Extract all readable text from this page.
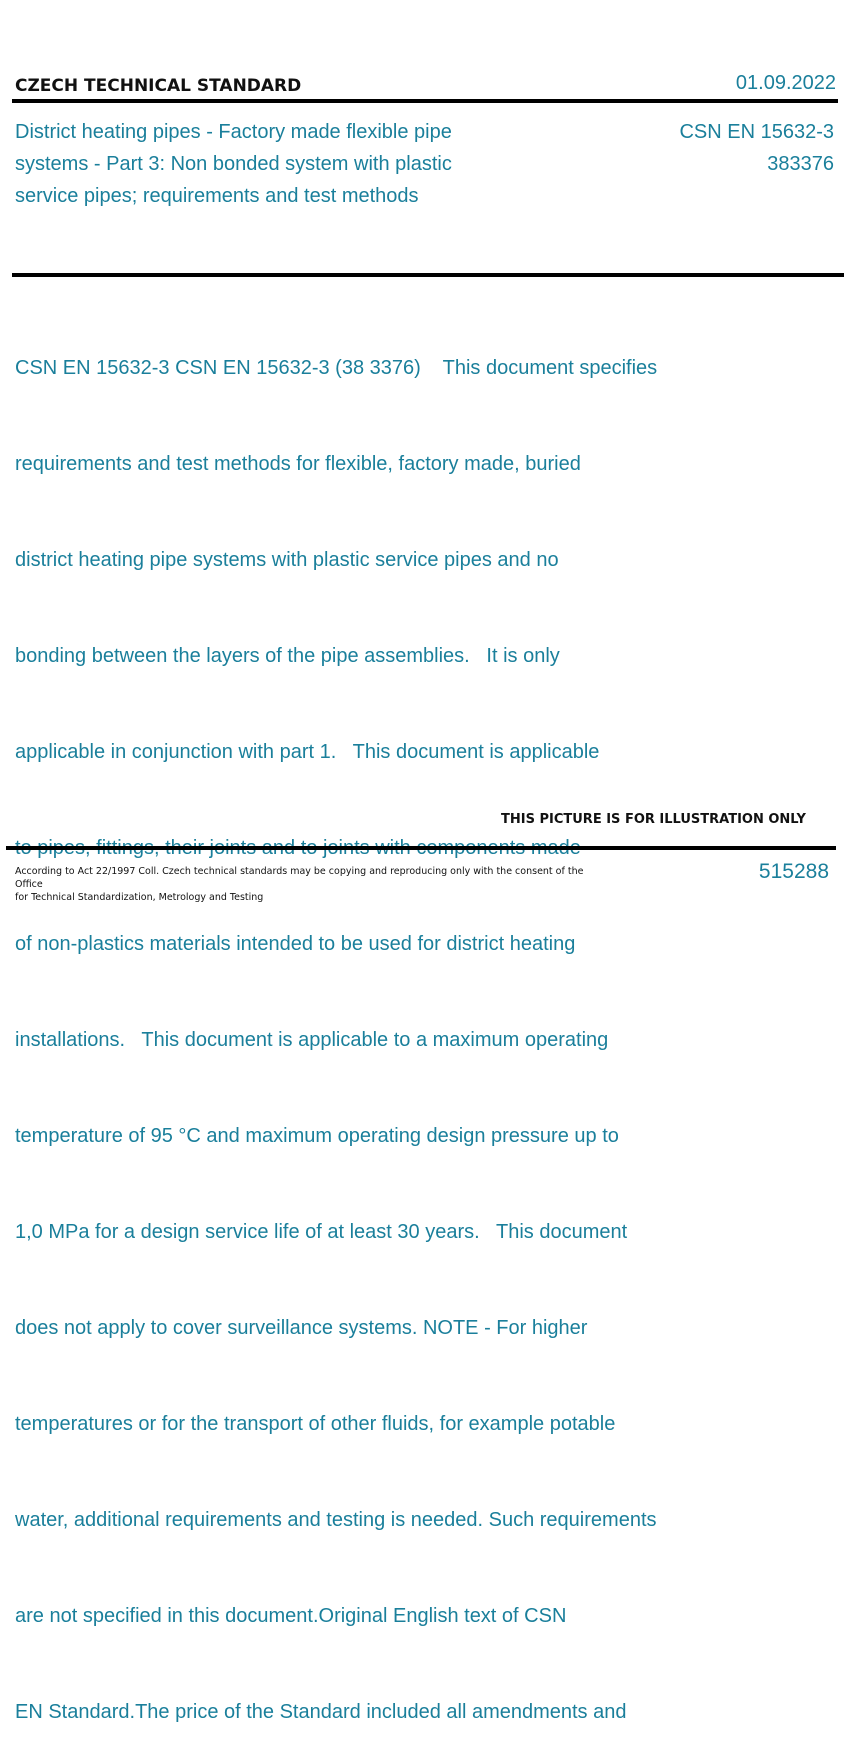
CZECH TECHNICAL STANDARD	01.09.2022
District heating pipes - Factory made flexible pipe
systems - Part 3: Non bonded system with plastic
service pipes; requirements and test methods
CSN EN 15632-3
383376

CSN EN 15632-3 CSN EN 15632-3 (38 3376)    This document specifies

requirements and test methods for flexible, factory made, buried

district heating pipe systems with plastic service pipes and no

bonding between the layers of the pipe assemblies.   It is only

applicable in conjunction with part 1.   This document is applicable

of non-plastics materials intended to be used for district heating

installations.   This document is applicable to a maximum operating

temperature of 95 °C and maximum operating design pressure up to

1,0 MPa for a design service life of at least 30 years.   This document

does not apply to cover surveillance systems. NOTE - For higher

temperatures or for the transport of other fluids, for example potable

water, additional requirements and testing is needed. Such requirements

are not specified in this document.Original English text of CSN

EN Standard.The price of the Standard included all amendments and

THIS PICTURE IS FOR ILLUSTRATION ONLY
According to Act 22/1997 Coll. Czech technical standards may be copying and reproducing only with the consent of the Office
for Technical Standardization, Metrology and Testing
515288
